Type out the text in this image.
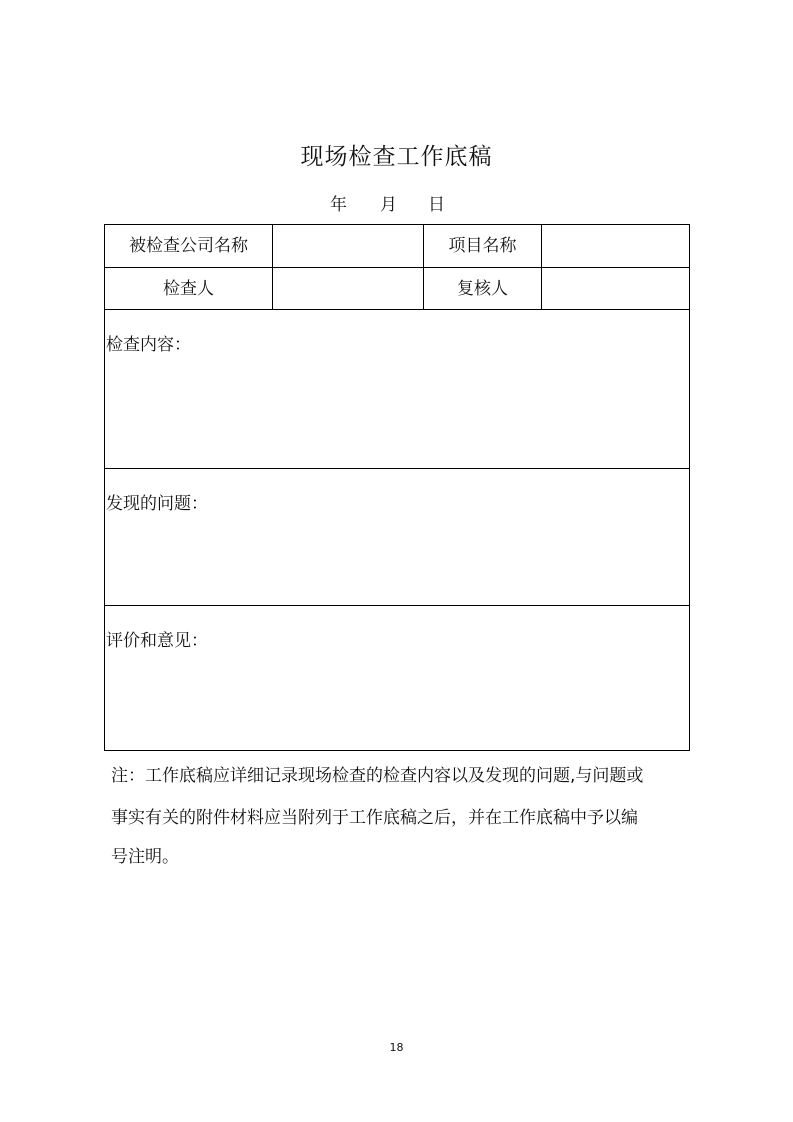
现场检查工作底稿
年 月 日
被检查公司名称	项目名称
检查人	复核人
检查内容：
发现的问题：
评价和意见：
注：工作底稿应详细记录现场检查的检查内容以及发现的问题,与问题或
事实有关的附件材料应当附列于工作底稿之后，并在工作底稿中予以编
号注明。
18
